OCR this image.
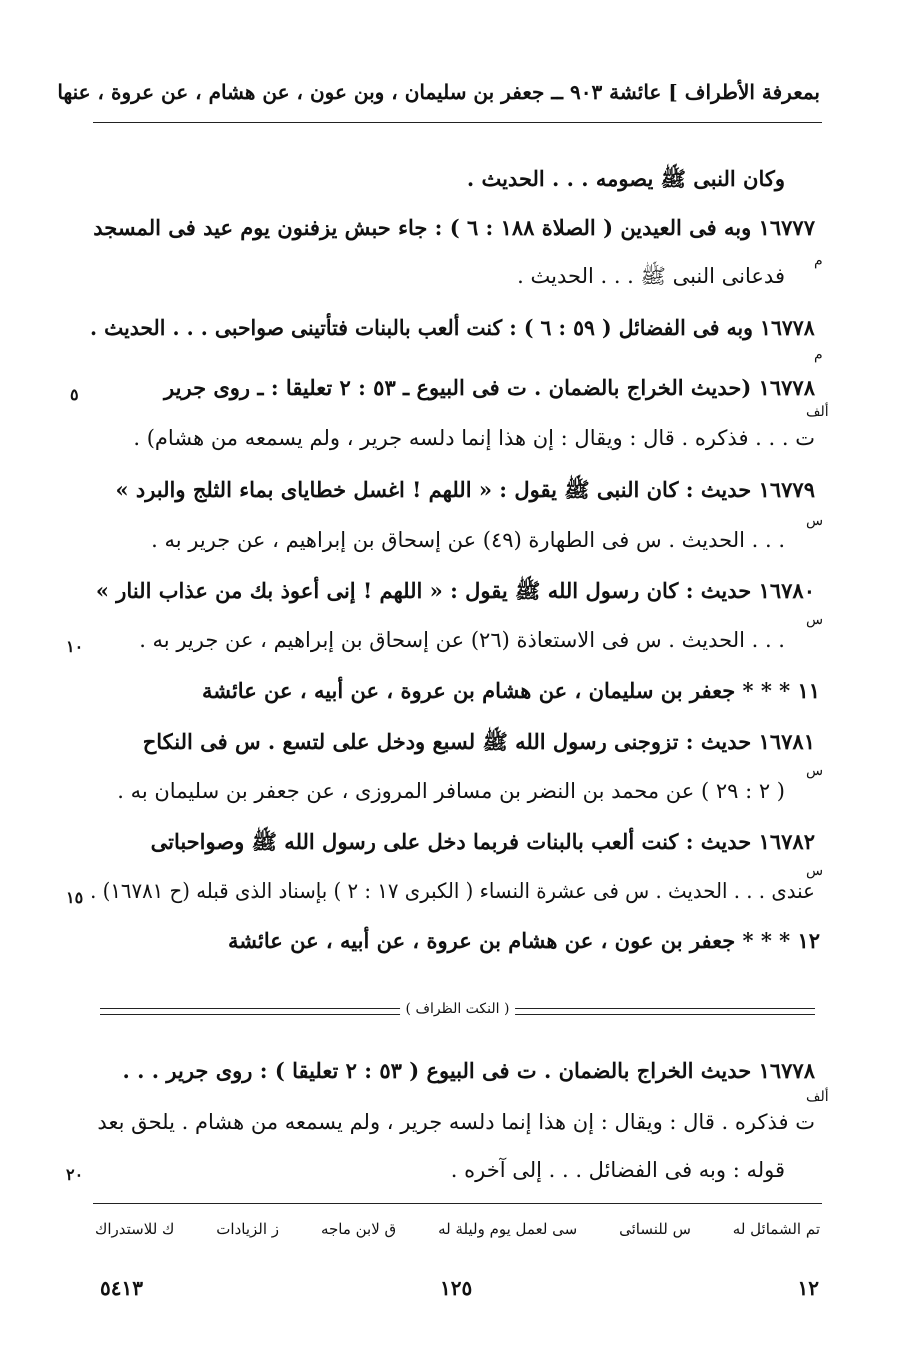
بمعرفة الأطراف ] عائشة ٩٠٣ ــ جعفر بن سليمان ، وبن عون ، عن هشام ، عن عروة ، عنها
وكان النبى ﷺ يصومه . . . الحديث .
١٦٧٧٧ وبه فى العيدين ( الصلاة ١٨٨ : ٦ ) : جاء حبش يزفنون يوم عيد فى المسجد
فدعانى النبى ﷺ . . . الحديث .
١٦٧٧٨ وبه فى الفضائل ( ٥٩ : ٦ ) : كنت ألعب بالبنات فتأتينى صواحبى . . . الحديث .
١٦٧٧٨ (حديث الخراج بالضمان . ت فى البيوع ـ ٥٣ : ٢ تعليقا : ـ روى جرير
ت . . . فذكره . قال : ويقال : إن هذا إنما دلسه جرير ، ولم يسمعه من هشام) .
١٦٧٧٩ حديث : كان النبى ﷺ يقول : « اللهم ! اغسل خطاياى بماء الثلج والبرد »
. . . الحديث . س فى الطهارة (٤٩) عن إسحاق بن إبراهيم ، عن جرير به .
١٦٧٨٠ حديث : كان رسول الله ﷺ يقول : « اللهم ! إنى أعوذ بك من عذاب النار »
. . . الحديث . س فى الاستعاذة (٢٦) عن إسحاق بن إبراهيم ، عن جرير به .
١١ * * * جعفر بن سليمان ، عن هشام بن عروة ، عن أبيه ، عن عائشة
١٦٧٨١ حديث : تزوجنى رسول الله ﷺ لسبع ودخل على لتسع . س فى النكاح
( ٢ : ٢٩ ) عن محمد بن النضر بن مسافر المروزى ، عن جعفر بن سليمان به .
١٦٧٨٢ حديث : كنت ألعب بالبنات فربما دخل على رسول الله ﷺ وصواحباتى
عندى . . . الحديث . س فى عشرة النساء ( الكبرى ١٧ : ٢ ) بإسناد الذى قبله (ح ١٦٧٨١) .
١٢ * * * جعفر بن عون ، عن هشام بن عروة ، عن أبيه ، عن عائشة
م
م
ألف
س
س
س
س
ألف
٥
١٠
١٥
٢٠
( النكت الظراف )
١٦٧٧٨ حديث الخراج بالضمان . ت فى البيوع ( ٥٣ : ٢ تعليقا ) : روى جرير . . .
ت فذكره . قال : ويقال : إن هذا إنما دلسه جرير ، ولم يسمعه من هشام . يلحق بعد
قوله : وبه فى الفضائل . . . إلى آخره .
تم الشمائل له
س للنسائى
سى لعمل يوم وليلة له
ق لابن ماجه
ز الزيادات
ك للاستدراك
٥٤١٣	١٢٥	١٢
